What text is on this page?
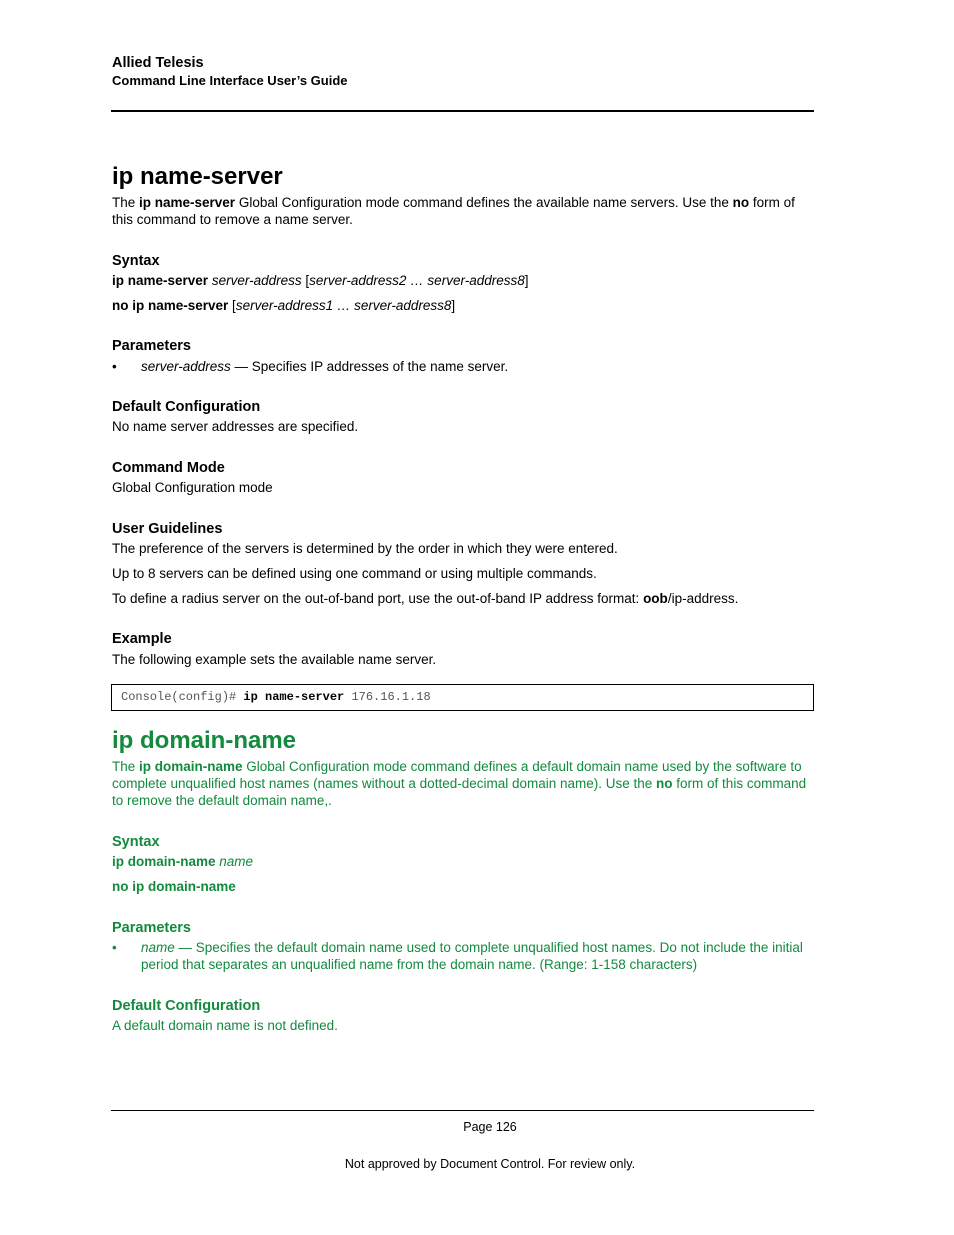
Allied Telesis
Command Line Interface User’s Guide
ip name-server
The ip name-server Global Configuration mode command defines the available name servers. Use the no form of this command to remove a name server.
Syntax
ip name-server server-address [server-address2 … server-address8]
no ip name-server [server-address1 … server-address8]
Parameters
• server-address — Specifies IP addresses of the name server.
Default Configuration
No name server addresses are specified.
Command Mode
Global Configuration mode
User Guidelines
The preference of the servers is determined by the order in which they were entered.
Up to 8 servers can be defined using one command or using multiple commands.
To define a radius server on the out-of-band port, use the out-of-band IP address format: oob/ip-address.
Example
The following example sets the available name server.
Console(config)# ip name-server 176.16.1.18
ip domain-name
The ip domain-name Global Configuration mode command defines a default domain name used by the software to complete unqualified host names (names without a dotted-decimal domain name). Use the no form of this command to remove the default domain name,.
Syntax
ip domain-name name
no ip domain-name
Parameters
• name — Specifies the default domain name used to complete unqualified host names. Do not include the initial period that separates an unqualified name from the domain name. (Range: 1-158 characters)
Default Configuration
A default domain name is not defined.
Page 126
Not approved by Document Control. For review only.
